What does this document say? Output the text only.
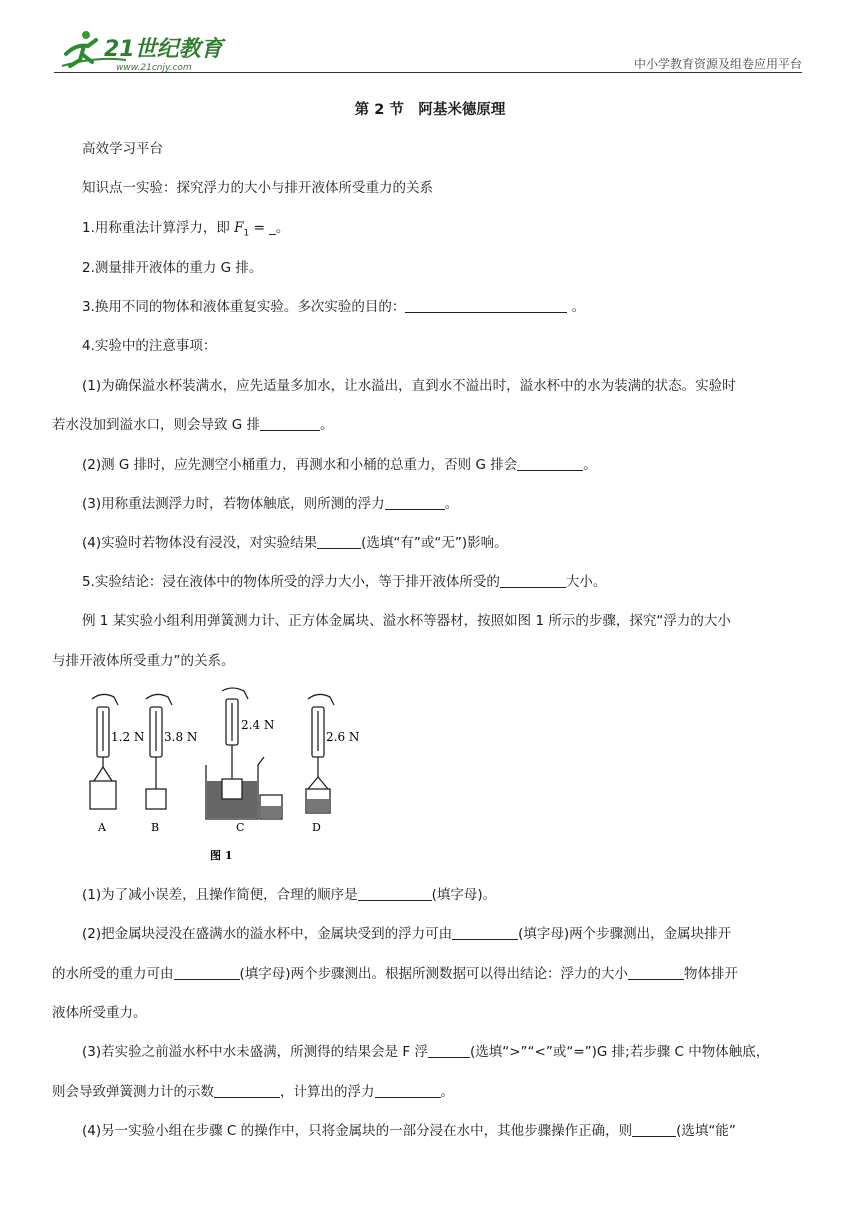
21世纪教育
www.21cnjy.com	中小学教育资源及组卷应用平台
第 2 节　阿基米德原理
高效学习平台
知识点一实验：探究浮力的大小与排开液体所受重力的关系
1.用称重法计算浮力，即 $F_1$ = _。
2.测量排开液体的重力 G 排。
3.换用不同的物体和液体重复实验。多次实验的目的：	。
4.实验中的注意事项：
(1)为确保溢水杯装满水，应先适量多加水，让水溢出，直到水不溢出时，溢水杯中的水为装满的状态。实验时
若水没加到溢水口，则会导致 G 排	。
(2)测 G 排时，应先测空小桶重力，再测水和小桶的总重力，否则 G 排会	。
(3)用称重法测浮力时，若物体触底，则所测的浮力	。
(4)实验时若物体没有浸没，对实验结果	(选填“有”或“无”)影响。
5.实验结论：浸在液体中的物体所受的浮力大小，等于排开液体所受的	大小。
例 1 某实验小组利用弹簧测力计、正方体金属块、溢水杯等器材，按照如图 1 所示的步骤，探究“浮力的大小
与排开液体所受重力”的关系。
1.2 N
A
3.8 N
B
2.4 N
C
2.6 N
D
图 1
(1)为了减小误差，且操作简便，合理的顺序是	(填字母)。
(2)把金属块浸没在盛满水的溢水杯中，金属块受到的浮力可由	(填字母)两个步骤测出，金属块排开
的水所受的重力可由	(填字母)两个步骤测出。根据所测数据可以得出结论：浮力的大小	物体排开
液体所受重力。
(3)若实验之前溢水杯中水未盛满，所测得的结果会是 F 浮	(选填“>”“<”或“=”)G 排;若步骤 C 中物体触底，
则会导致弹簧测力计的示数	，计算出的浮力	。
(4)另一实验小组在步骤 C 的操作中，只将金属块的一部分浸在水中，其他步骤操作正确，则	(选填“能”
